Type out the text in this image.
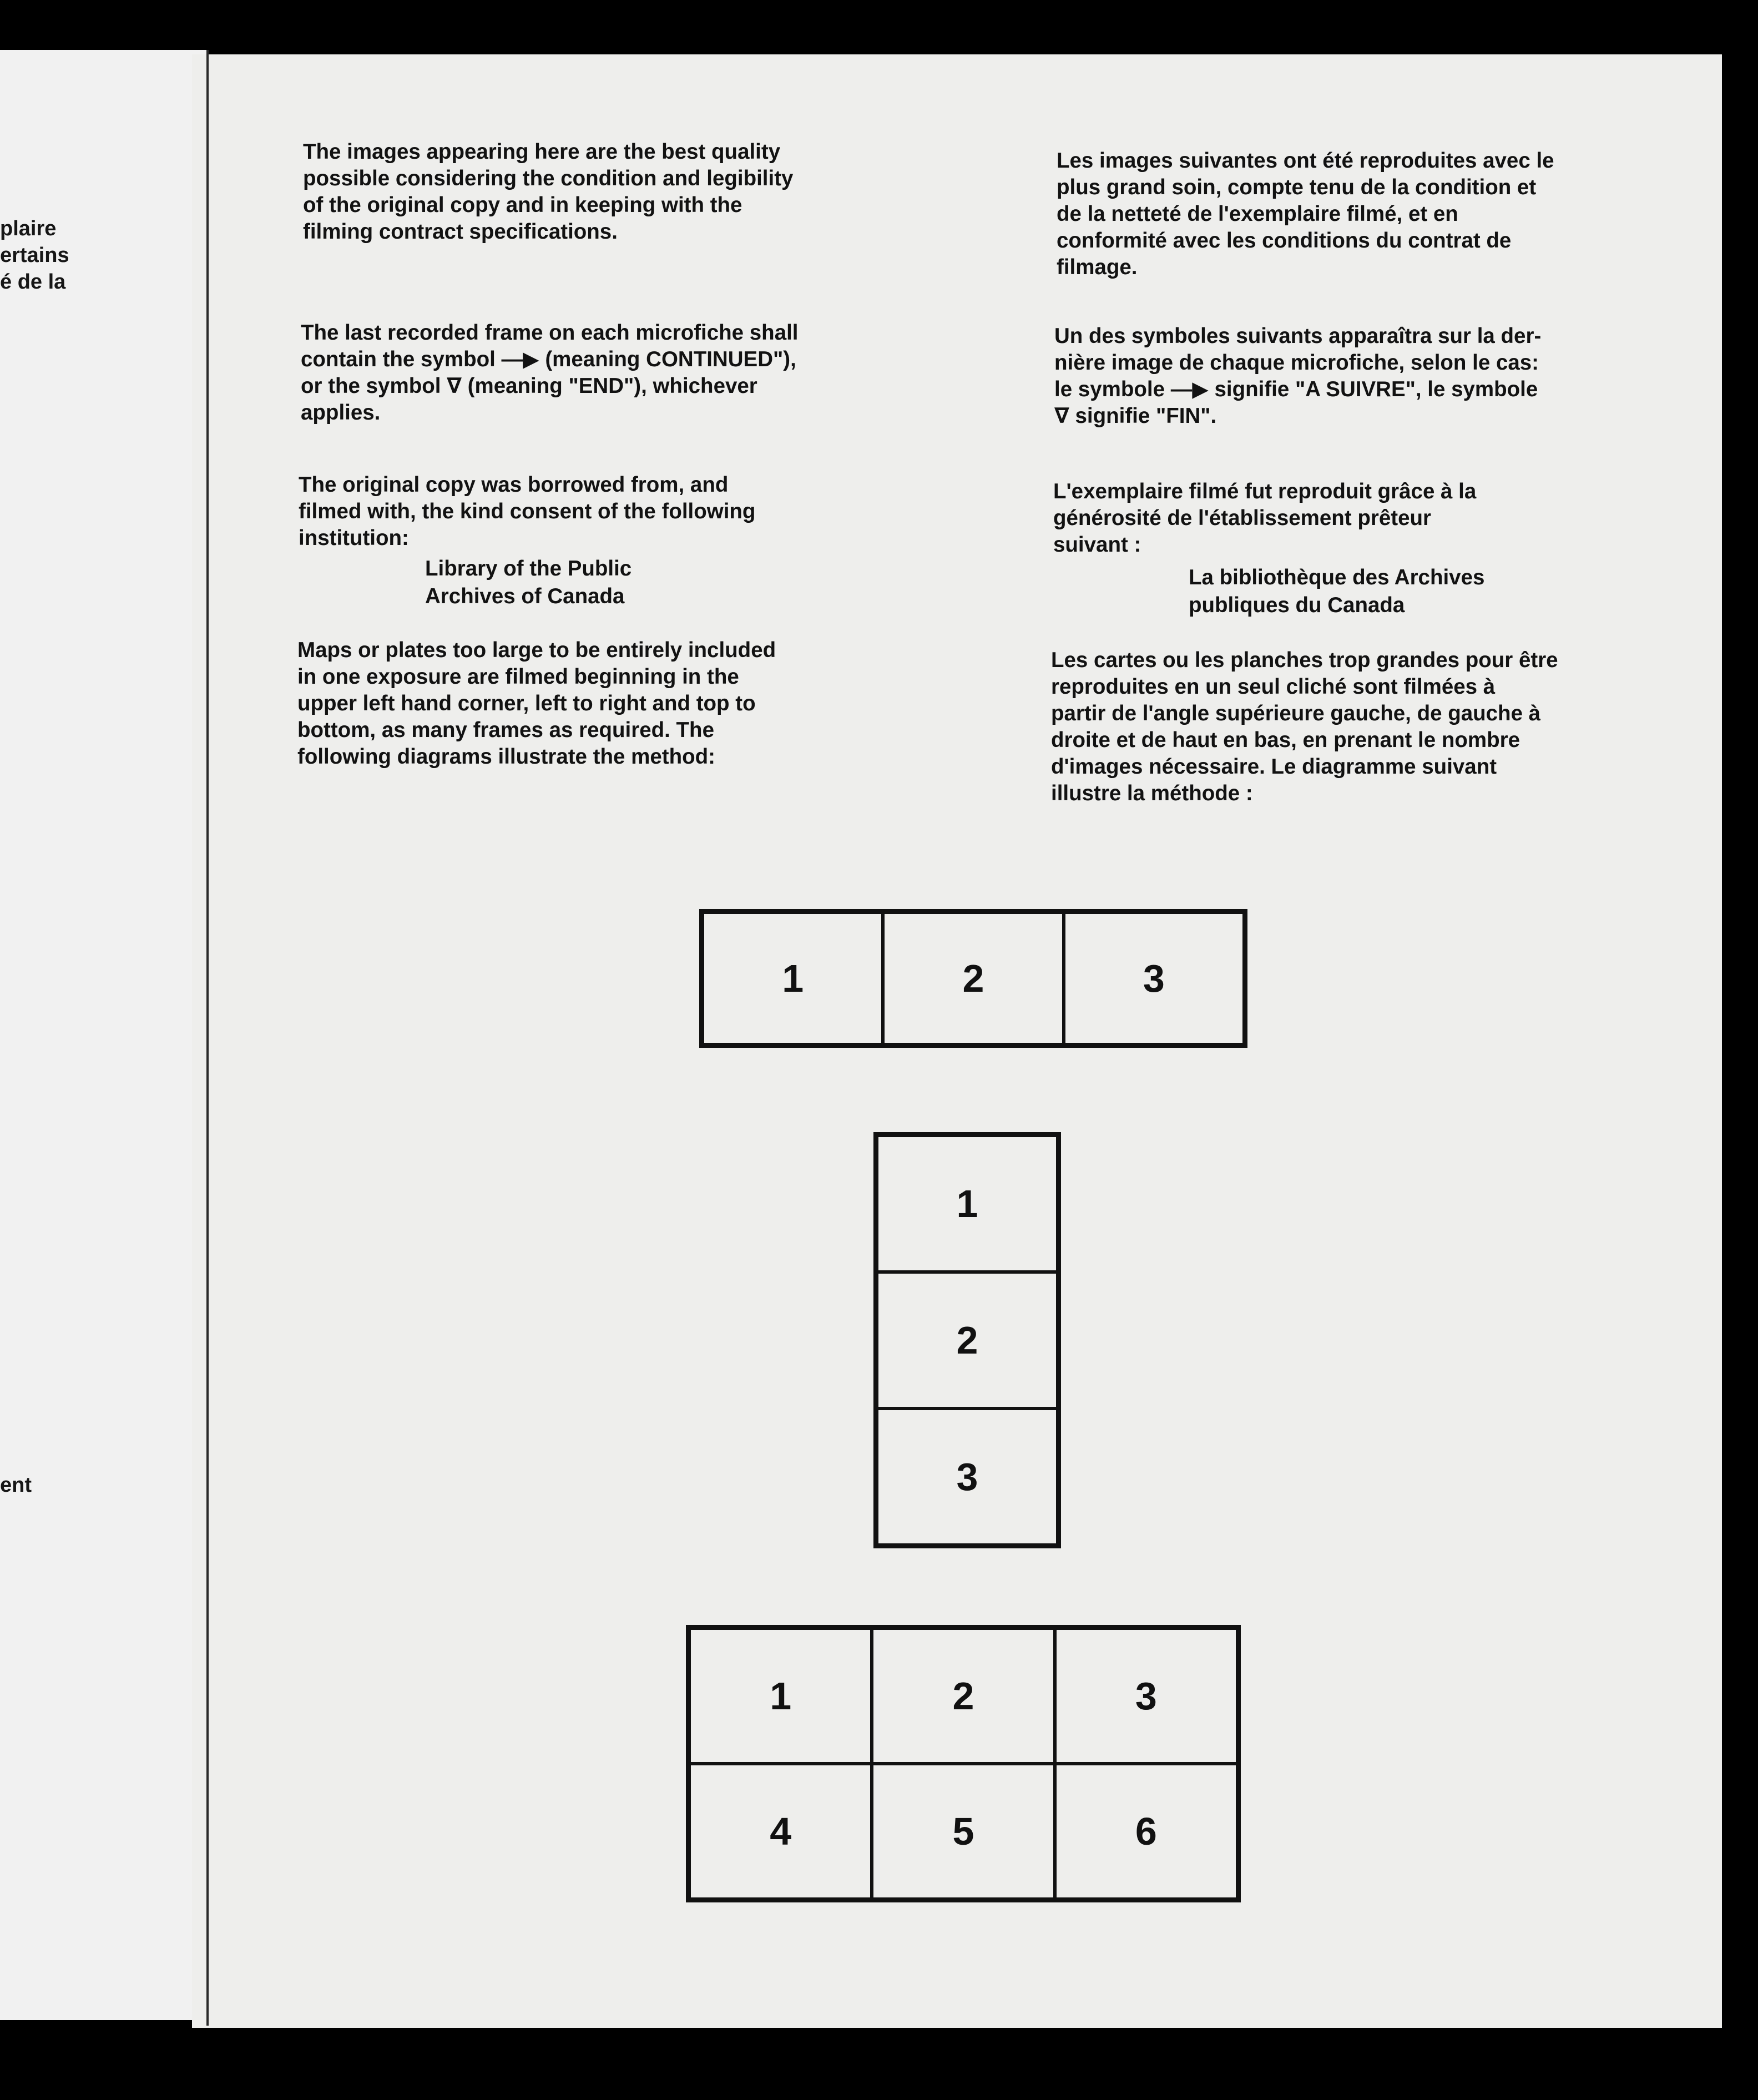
plaire
ertains
é de la
ent

The images appearing here are the best quality
possible considering the condition and legibility
of the original copy and in keeping with the
filming contract specifications.

The last recorded frame on each microfiche shall
contain the symbol —▶ (meaning CONTINUED"),
or the symbol ∇ (meaning "END"), whichever
applies.

The original copy was borrowed from, and
filmed with, the kind consent of the following
institution:

Library of the Public
Archives of Canada

Maps or plates too large to be entirely included
in one exposure are filmed beginning in the
upper left hand corner, left to right and top to
bottom, as many frames as required. The
following diagrams illustrate the method:

Les images suivantes ont été reproduites avec le
plus grand soin, compte tenu de la condition et
de la netteté de l'exemplaire filmé, et en
conformité avec les conditions du contrat de
filmage.

Un des symboles suivants apparaîtra sur la der-
nière image de chaque microfiche, selon le cas:
le symbole —▶ signifie "A SUIVRE", le symbole
∇ signifie "FIN".

L'exemplaire filmé fut reproduit grâce à la
générosité de l'établissement prêteur
suivant :

La bibliothèque des Archives
publiques du Canada

Les cartes ou les planches trop grandes pour être
reproduites en un seul cliché sont filmées à
partir de l'angle supérieure gauche, de gauche à
droite et de haut en bas, en prenant le nombre
d'images nécessaire. Le diagramme suivant
illustre la méthode :

1	2	3
1
2
3
1	2	3
4	5	6
